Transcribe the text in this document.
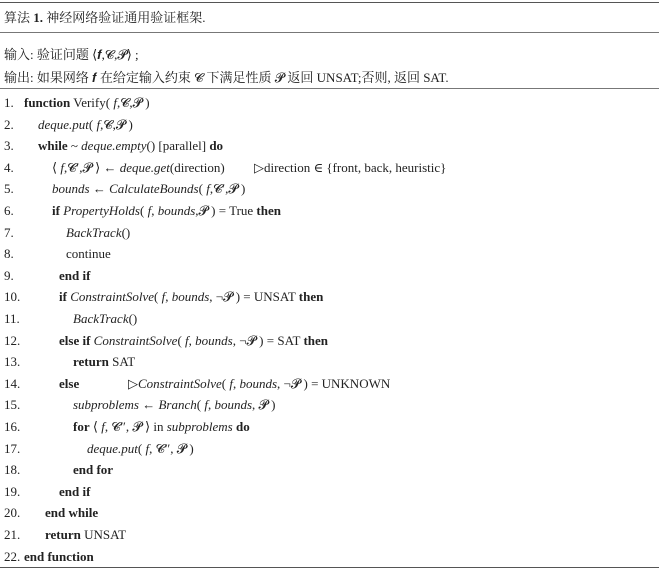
算法 1. 神经网络验证通用验证框架.
输入: 验证问题 ⟨𝒇,𝓒,𝓟⟩ ;
输出: 如果网络 𝒇 在给定输入约束 𝓒 下满足性质 𝓟 返回 UNSAT;否则, 返回 SAT.
1. function Verify( f,𝓒,𝓟 )
2. deque.put( f,𝓒,𝓟 )
3. while ~ deque.empty() [parallel] do
4.	⟨ f,𝓒′,𝓟 ⟩ ← deque.get(direction)         ▷direction ∈ {front, back, heuristic}
5.	bounds ← CalculateBounds( f,𝓒′,𝓟 )
6.	if PropertyHolds( f, bounds,𝓟 ) = True then
7.	BackTrack()
8.	continue
9.	end if
10.	if ConstraintSolve( f, bounds, ¬𝓟 ) = UNSAT then
11.	BackTrack()
12.	else if ConstraintSolve( f, bounds, ¬𝓟 ) = SAT then
13.	return SAT
14.	else               ▷ConstraintSolve( f, bounds, ¬𝓟 ) = UNKNOWN
15.	subproblems ← Branch( f, bounds, 𝓟 )
16.	for ⟨ f, 𝓒″, 𝓟 ⟩ in subproblems do
17.	deque.put( f, 𝓒″, 𝓟 )
18.	end for
19.	end if
20. end while
21. return UNSAT
22. end function
